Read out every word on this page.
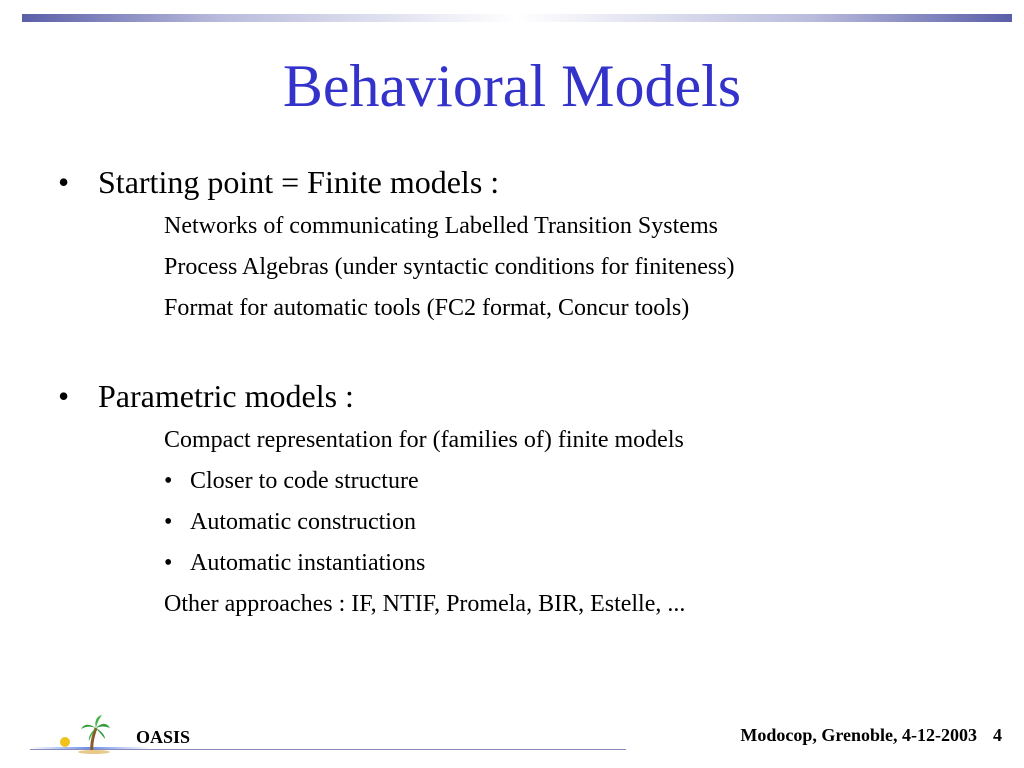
Behavioral Models
• Starting point = Finite models :
Networks of communicating Labelled Transition Systems
Process Algebras (under syntactic conditions for finiteness)
Format for automatic tools (FC2 format, Concur tools)
• Parametric models :
Compact representation for (families of) finite models
• Closer to code structure
• Automatic construction
• Automatic instantiations
Other approaches : IF, NTIF, Promela, BIR, Estelle, ...
OASIS	Modocop, Grenoble, 4-12-2003 4
